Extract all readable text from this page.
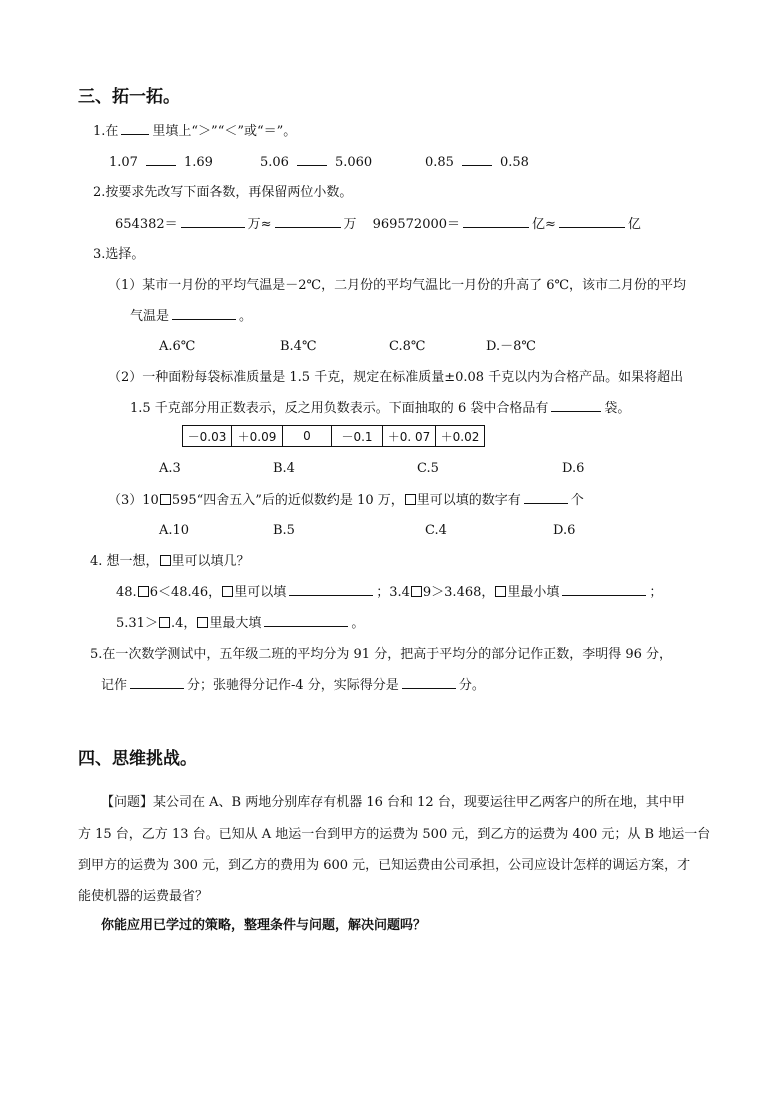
三、拓一拓。
1.在	里填上“＞”“＜”或“＝”。
1.07	1.69	5.06	5.060	0.85	0.58
2.按要求先改写下面各数，再保留两位小数。
654382＝	万≈	万 969572000＝	亿≈	亿
3.选择。
（1）某市一月份的平均气温是－2℃，二月份的平均气温比一月份的升高了 6℃，该市二月份的平均
气温是	。
A.6℃	B.4℃	C.8℃	D.－8℃
（2）一种面粉每袋标准质量是 1.5 千克，规定在标准质量±0.08 千克以内为合格产品。如果将超出
1.5 千克部分用正数表示，反之用负数表示。下面抽取的 6 袋中合格品有	袋。
－0.03	＋0.09	0	－0.1	＋0. 07	＋0.02
A.3	B.4	C.5	D.6
（3）10 595“四舍五入”后的近似数约是 10 万， 里可以填的数字有	个
A.10	B.5	C.4	D.6
4. 想一想， 里可以填几？
48. 6＜48.46， 里可以填	；3.4 9＞3.468， 里最小填	；
5.31＞ .4， 里最大填	。
5.在一次数学测试中，五年级二班的平均分为 91 分，把高于平均分的部分记作正数，李明得 96 分，
记作	分；张驰得分记作-4 分，实际得分是	分。
四、思维挑战。
【问题】某公司在 A、B 两地分别库存有机器 16 台和 12 台，现要运往甲乙两客户的所在地，其中甲
方 15 台，乙方 13 台。已知从 A 地运一台到甲方的运费为 500 元，到乙方的运费为 400 元；从 B 地运一台
到甲方的运费为 300 元，到乙方的费用为 600 元，已知运费由公司承担，公司应设计怎样的调运方案，才
能使机器的运费最省？
你能应用已学过的策略，整理条件与问题，解决问题吗？
